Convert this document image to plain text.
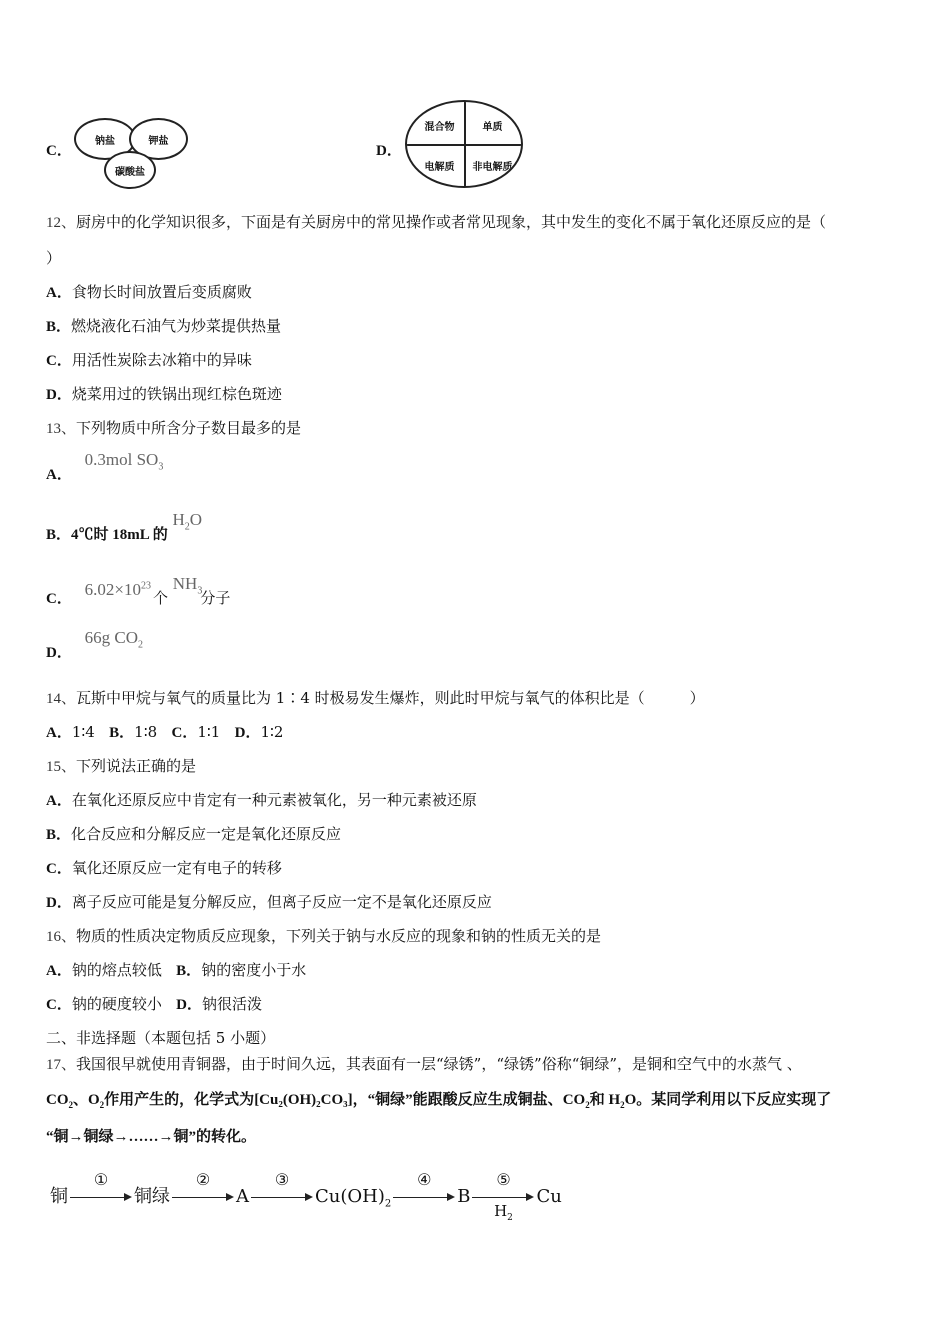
C．
钠盐	钾盐
碳酸盐
D．
混合物	单质
电解质	非电解质
12、厨房中的化学知识很多，下面是有关厨房中的常见操作或者常见现象，其中发生的变化不属于氧化还原反应的是（
）
A．食物长时间放置后变质腐败
B．燃烧液化石油气为炒菜提供热量
C．用活性炭除去冰箱中的异味
D．烧菜用过的铁锅出现红棕色斑迹
13、下列物质中所含分子数目最多的是
A． 0.3mol $SO_3$
B．4℃时 18mL 的 $H_2O$
C． $6.02\times 10^{23}$个 $NH_3$分子
D． 66g $CO_2$
14、瓦斯中甲烷与氧气的质量比为 1∶4 时极易发生爆炸，则此时甲烷与氧气的体积比是（　　　）
A．1∶4 B．1∶8 C．1∶1 D．1∶2
15、下列说法正确的是
A．在氧化还原反应中肯定有一种元素被氧化，另一种元素被还原
B．化合反应和分解反应一定是氧化还原反应
C．氧化还原反应一定有电子的转移
D．离子反应可能是复分解反应，但离子反应一定不是氧化还原反应
16、物质的性质决定物质反应现象，下列关于钠与水反应的现象和钠的性质无关的是
A．钠的熔点较低 B．钠的密度小于水
C．钠的硬度较小 D．钠很活泼
二、非选择题（本题包括 5 小题）
17、我国很早就使用青铜器，由于时间久远，其表面有一层“绿锈”，“绿锈”俗称“铜绿”，是铜和空气中的水蒸气 、
$CO_2$、$O_2$作用产生的，化学式为[Cu₂(OH)₂CO₃]，“铜绿”能跟酸反应生成铜盐、$CO_2$和 $H_2O$。某同学利用以下反应实现了
“铜→铜绿→……→铜”的转化。
铜
①
铜绿
②
A
③
$Cu(OH)_2$
④
B
⑤
$H_2$
Cu
